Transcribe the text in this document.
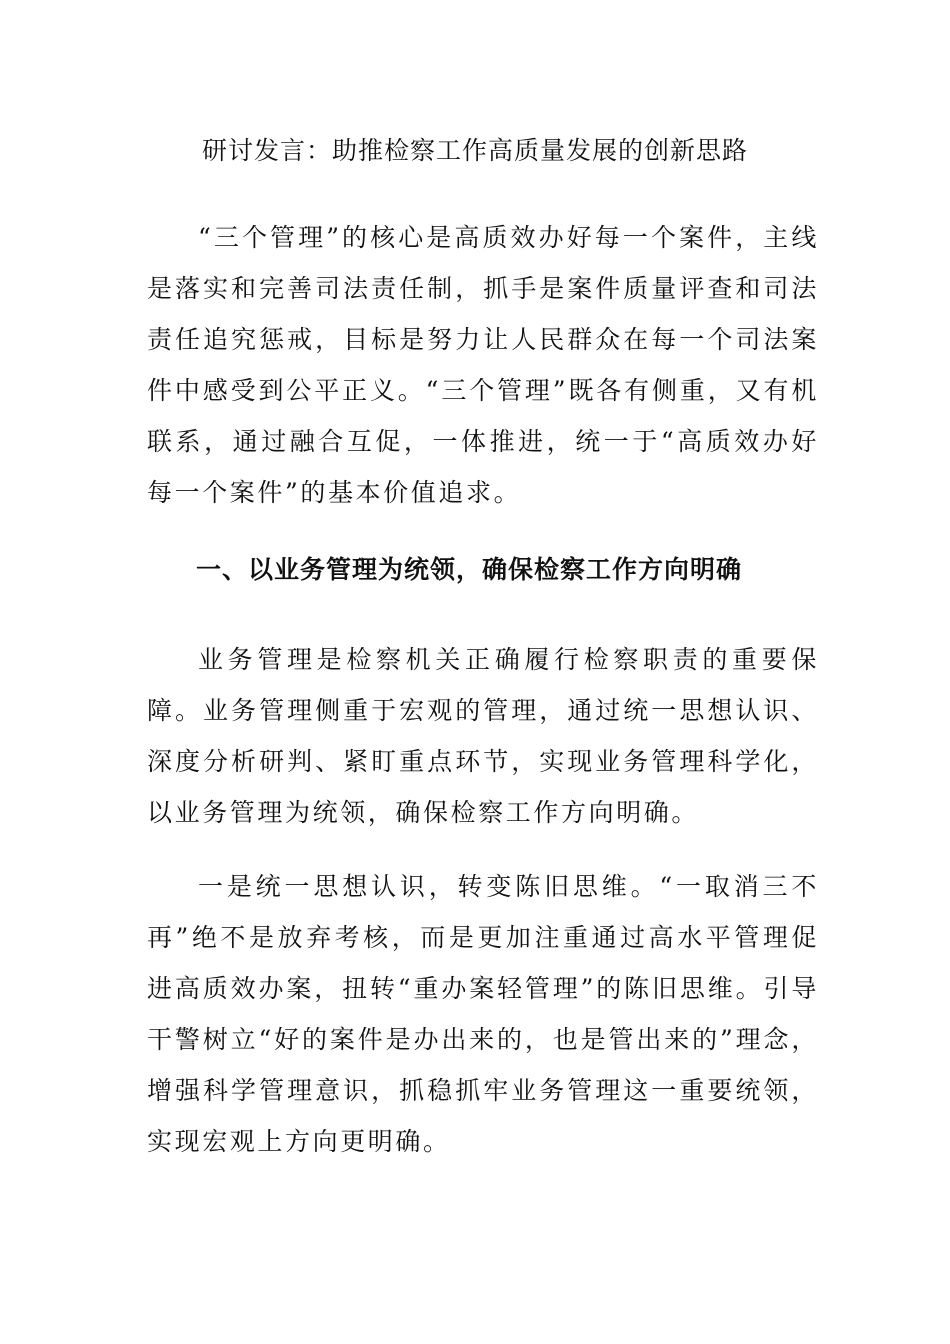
研讨发言：助推检察工作高质量发展的创新思路

“三个管理”的核心是高质效办好每一个案件，主线是落实和完善司法责任制，抓手是案件质量评查和司法责任追究惩戒，目标是努力让人民群众在每一个司法案件中感受到公平正义。“三个管理”既各有侧重，又有机联系，通过融合互促，一体推进，统一于“高质效办好每一个案件”的基本价值追求。

一、以业务管理为统领，确保检察工作方向明确

业务管理是检察机关正确履行检察职责的重要保障。业务管理侧重于宏观的管理，通过统一思想认识、深度分析研判、紧盯重点环节，实现业务管理科学化，以业务管理为统领，确保检察工作方向明确。

一是统一思想认识，转变陈旧思维。“一取消三不再”绝不是放弃考核，而是更加注重通过高水平管理促进高质效办案，扭转“重办案轻管理”的陈旧思维。引导干警树立“好的案件是办出来的，也是管出来的”理念，增强科学管理意识，抓稳抓牢业务管理这一重要统领，实现宏观上方向更明确。
